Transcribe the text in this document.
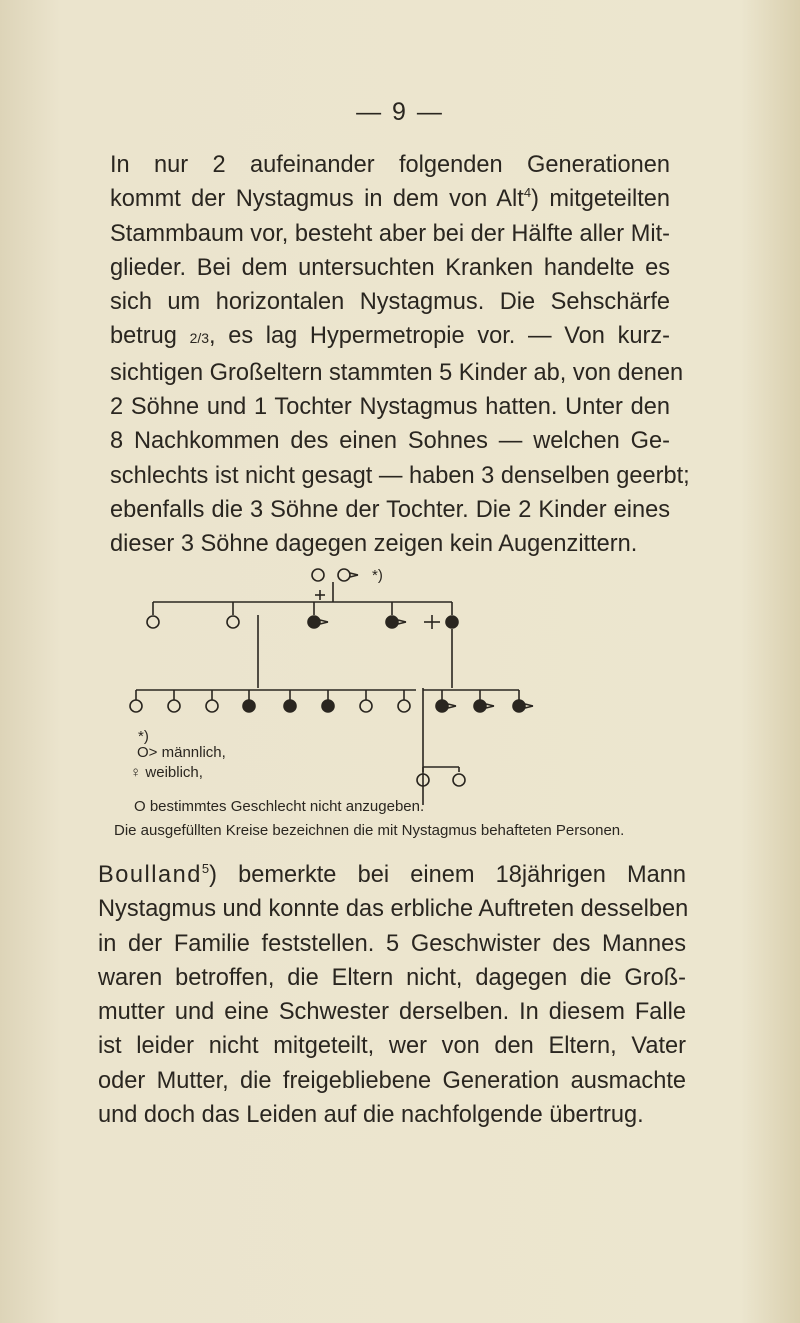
— 9 —
In nur 2 aufeinander folgenden Generationen
kommt der Nystagmus in dem von Alt$^4$) mitgeteilten
Stammbaum vor, besteht aber bei der Hälfte aller Mit-
glieder. Bei dem untersuchten Kranken handelte es
sich um horizontalen Nystagmus. Die Sehschärfe
betrug 2/3, es lag Hypermetropie vor. — Von kurz-
sichtigen Großeltern stammten 5 Kinder ab, von denen
2 Söhne und 1 Tochter Nystagmus hatten. Unter den
8 Nachkommen des einen Sohnes — welchen Ge-
schlechts ist nicht gesagt — haben 3 denselben geerbt;
ebenfalls die 3 Söhne der Tochter. Die 2 Kinder eines
dieser 3 Söhne dagegen zeigen kein Augenzittern.
*)
*)
O> männlich,
♀ weiblich,
O bestimmtes Geschlecht nicht anzugeben.
Die ausgefüllten Kreise bezeichnen die mit Nystagmus behafteten Personen.
Boulland$^5$) bemerkte bei einem 18jährigen Mann
Nystagmus und konnte das erbliche Auftreten desselben
in der Familie feststellen. 5 Geschwister des Mannes
waren betroffen, die Eltern nicht, dagegen die Groß-
mutter und eine Schwester derselben. In diesem Falle
ist leider nicht mitgeteilt, wer von den Eltern, Vater
oder Mutter, die freigebliebene Generation ausmachte
und doch das Leiden auf die nachfolgende übertrug.
